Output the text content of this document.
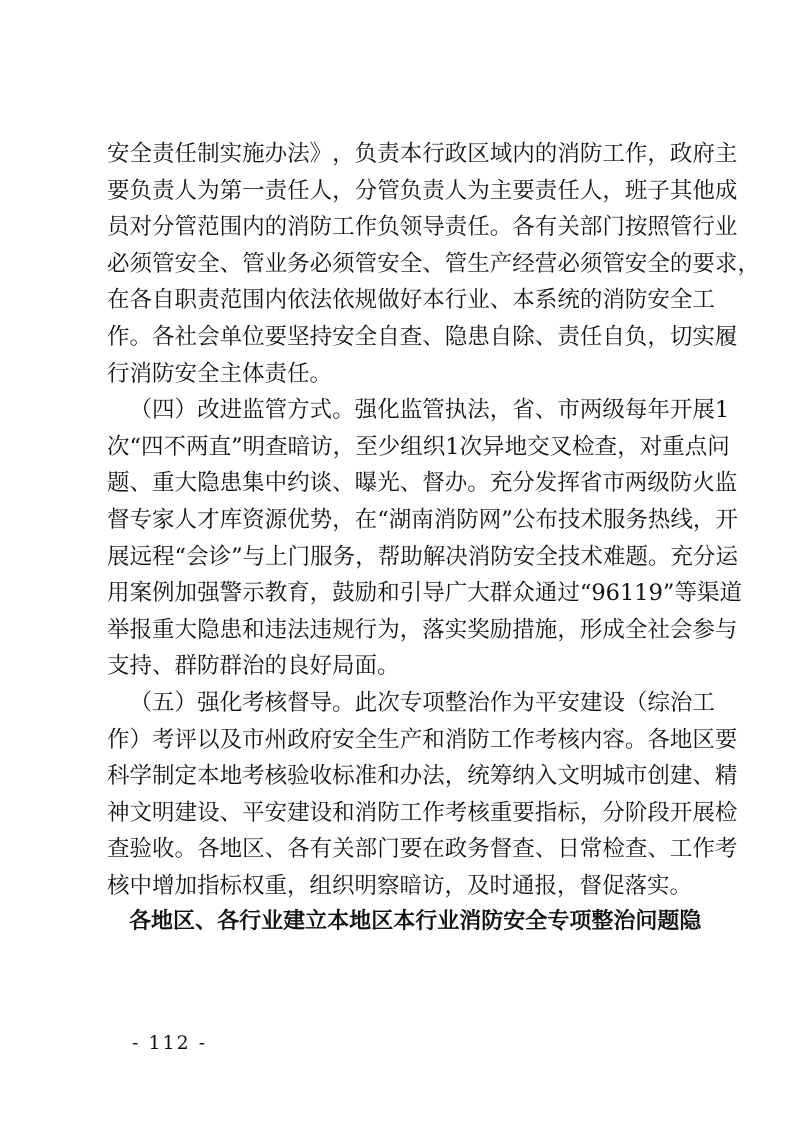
安 全 责 任 制 实 施 办 法 》 ， 负 责 本 行 政 区 域 内 的 消 防 工 作 ， 政 府 主
要 负 责 人 为 第 一 责 任 人 ， 分 管 负 责 人 为 主 要 责 任 人 ， 班 子 其 他 成
员 对 分 管 范 围 内 的 消 防 工 作 负 领 导 责 任 。 各 有 关 部 门 按 照 管 行 业
必 须 管 安 全 、 管 业 务 必 须 管 安 全 、 管 生 产 经 营 必 须 管 安 全 的 要 求 ，
在 各 自 职 责 范 围 内 依 法 依 规 做 好 本 行 业 、 本 系 统 的 消 防 安 全 工
作 。 各 社 会 单 位 要 坚 持 安 全 自 查 、 隐 患 自 除 、 责 任 自 负 ， 切 实 履
行消防安全主体责任。

（ 四 ） 改 进 监 管 方 式 。 强 化 监 管 执 法 ， 省 、 市 两 级 每 年 开 展 1
次 “ 四 不 两 直 ” 明 查 暗 访 ， 至 少 组 织 1 次 异 地 交 叉 检 查 ， 对 重 点 问
题 、 重 大 隐 患 集 中 约 谈 、 曝 光 、 督 办 。 充 分 发 挥 省 市 两 级 防 火 监
督 专 家 人 才 库 资 源 优 势 ， 在 “ 湖 南 消 防 网 ” 公 布 技 术 服 务 热 线 ， 开
展 远 程 “ 会 诊 ” 与 上 门 服 务 ， 帮 助 解 决 消 防 安 全 技 术 难 题 。 充 分 运
用 案 例 加 强 警 示 教 育 ， 鼓 励 和 引 导 广 大 群 众 通 过 “ 96119 ” 等 渠 道
举 报 重 大 隐 患 和 违 法 违 规 行 为 ， 落 实 奖 励 措 施 ， 形 成 全 社 会 参 与
支持、群防群治的良好局面。

（ 五 ） 强 化 考 核 督 导 。 此 次 专 项 整 治 作 为 平 安 建 设 （ 综 治 工
作 ） 考 评 以 及 市 州 政 府 安 全 生 产 和 消 防 工 作 考 核 内 容 。 各 地 区 要
科 学 制 定 本 地 考 核 验 收 标 准 和 办 法 ， 统 筹 纳 入 文 明 城 市 创 建 、 精
神 文 明 建 设 、 平 安 建 设 和 消 防 工 作 考 核 重 要 指 标 ， 分 阶 段 开 展 检
查 验 收 。 各 地 区 、 各 有 关 部 门 要 在 政 务 督 查 、 日 常 检 查 、 工 作 考
核中增加指标权重，组织明察暗访，及时通报，督促落实。

各 地 区 、 各 行 业 建 立 本 地 区 本 行 业 消 防 安 全 专 项 整 治 问 题 隐
- 112 -
